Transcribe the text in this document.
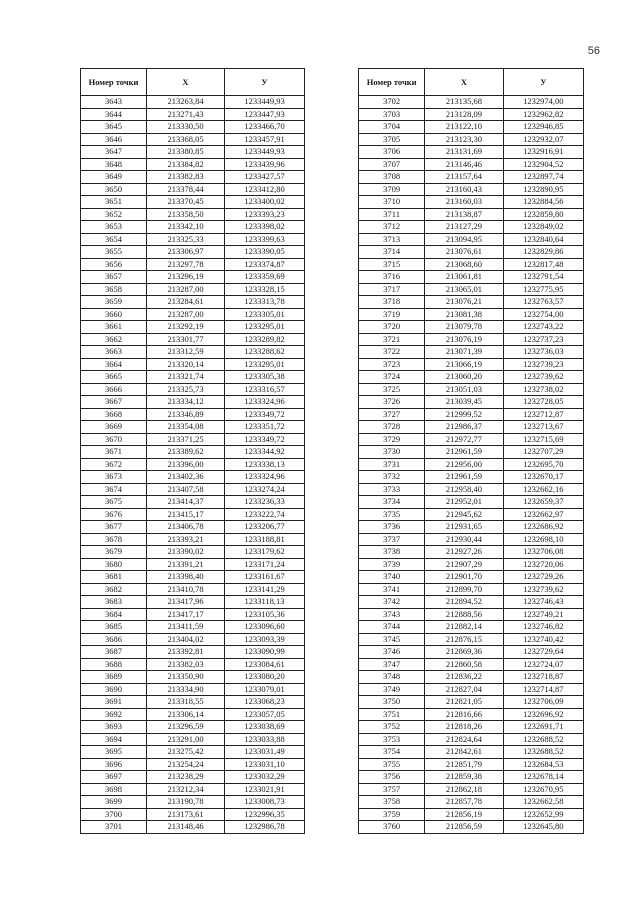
56
Номер точки	X	У
3643	213263,84	1233449,93
3644	213271,43	1233447,93
3645	213330,50	1233466,70
3646	213368,05	1233457,91
3647	213380,85	1233449,93
3648	213384,82	1233439,96
3649	213382,83	1233427,57
3650	213378,44	1233412,80
3651	213370,45	1233400,02
3652	213358,50	1233393,23
3653	213342,10	1233398,02
3654	213325,33	1233399,63
3655	213306,97	1233390,05
3656	213297,78	1233374,87
3657	213296,19	1233359,69
3658	213287,00	1233328,15
3659	213284,61	1233313,78
3660	213287,00	1233305,01
3661	213292,19	1233295,01
3662	213301,77	1233289,82
3663	213312,59	1233288,62
3664	213320,14	1233295,01
3665	213321,74	1233305,38
3666	213325,73	1233316,57
3667	213334,12	1233324,96
3668	213346,89	1233349,72
3669	213354,08	1233351,72
3670	213371,25	1233349,72
3671	213389,62	1233344,92
3672	213396,00	1233338,13
3673	213402,36	1233324,96
3674	213407,58	1233274,24
3675	213414,37	1233236,33
3676	213415,17	1233222,74
3677	213406,78	1233206,77
3678	213393,21	1233188,81
3679	213390,02	1233179,62
3680	213391,21	1233171,24
3681	213398,40	1233161,67
3682	213410,78	1233141,29
3683	213417,96	1233118,13
3684	213417,17	1233105,36
3685	213411,59	1233096,60
3686	213404,02	1233093,39
3687	213392,81	1233090,99
3688	213382,03	1233084,61
3689	213350,90	1233080,20
3690	213334,90	1233079,01
3691	213318,55	1233068,23
3692	213306,14	1233057,05
3693	213296,59	1233038,69
3694	213291,00	1233033,88
3695	213275,42	1233031,49
3696	213254,24	1233031,10
3697	213238,29	1233032,29
3698	213212,34	1233021,91
3699	213190,78	1233008,73
3700	213173,61	1232996,35
3701	213148,46	1232986,78
Номер точки	X	У
3702	213135,68	1232974,00
3703	213128,09	1232962,82
3704	213122,10	1232946,85
3705	213123,30	1232932,07
3706	213131,69	1232916,91
3707	213146,46	1232904,52
3708	213157,64	1232897,74
3709	213160,43	1232890,95
3710	213160,03	1232884,56
3711	213138,87	1232859,80
3712	213127,29	1232849,02
3713	213094,95	1232840,64
3714	213076,61	1232829,86
3715	213068,60	1232817,48
3716	213061,81	1232791,54
3717	213065,01	1232775,95
3718	213076,21	1232763,57
3719	213081,38	1232754,00
3720	213079,78	1232743,22
3721	213076,19	1232737,23
3722	213071,39	1232736,03
3723	213066,19	1232739,23
3724	213060,20	1232739,62
3725	213051,03	1232738,02
3726	213039,45	1232728,05
3727	212999,52	1232712,87
3728	212986,37	1232713,67
3729	212972,77	1232715,69
3730	212961,59	1232707,29
3731	212956,00	1232695,70
3732	212961,59	1232670,17
3733	212958,40	1232662,16
3734	212952,01	1232659,37
3735	212945,62	1232662,97
3736	212931,65	1232686,92
3737	212930,44	1232698,10
3738	212927,26	1232706,08
3739	212907,29	1232720,06
3740	212901,70	1232729,26
3741	212899,70	1232739,62
3742	212894,52	1232746,43
3743	212888,56	1232749,21
3744	212882,14	1232746,82
3745	212876,15	1232740,42
3746	212869,36	1232729,64
3747	212860,58	1232724,07
3748	212836,22	1232718,87
3749	212827,04	1232714,87
3750	212821,05	1232706,09
3751	212816,66	1232696,92
3752	212818,26	1232691,71
3753	212824,64	1232688,52
3754	212842,61	1232688,52
3755	212851,79	1232684,53
3756	212859,38	1232678,14
3757	212862,18	1232670,95
3758	212857,78	1232662,58
3759	212856,19	1232652,99
3760	212856,59	1232645,80
